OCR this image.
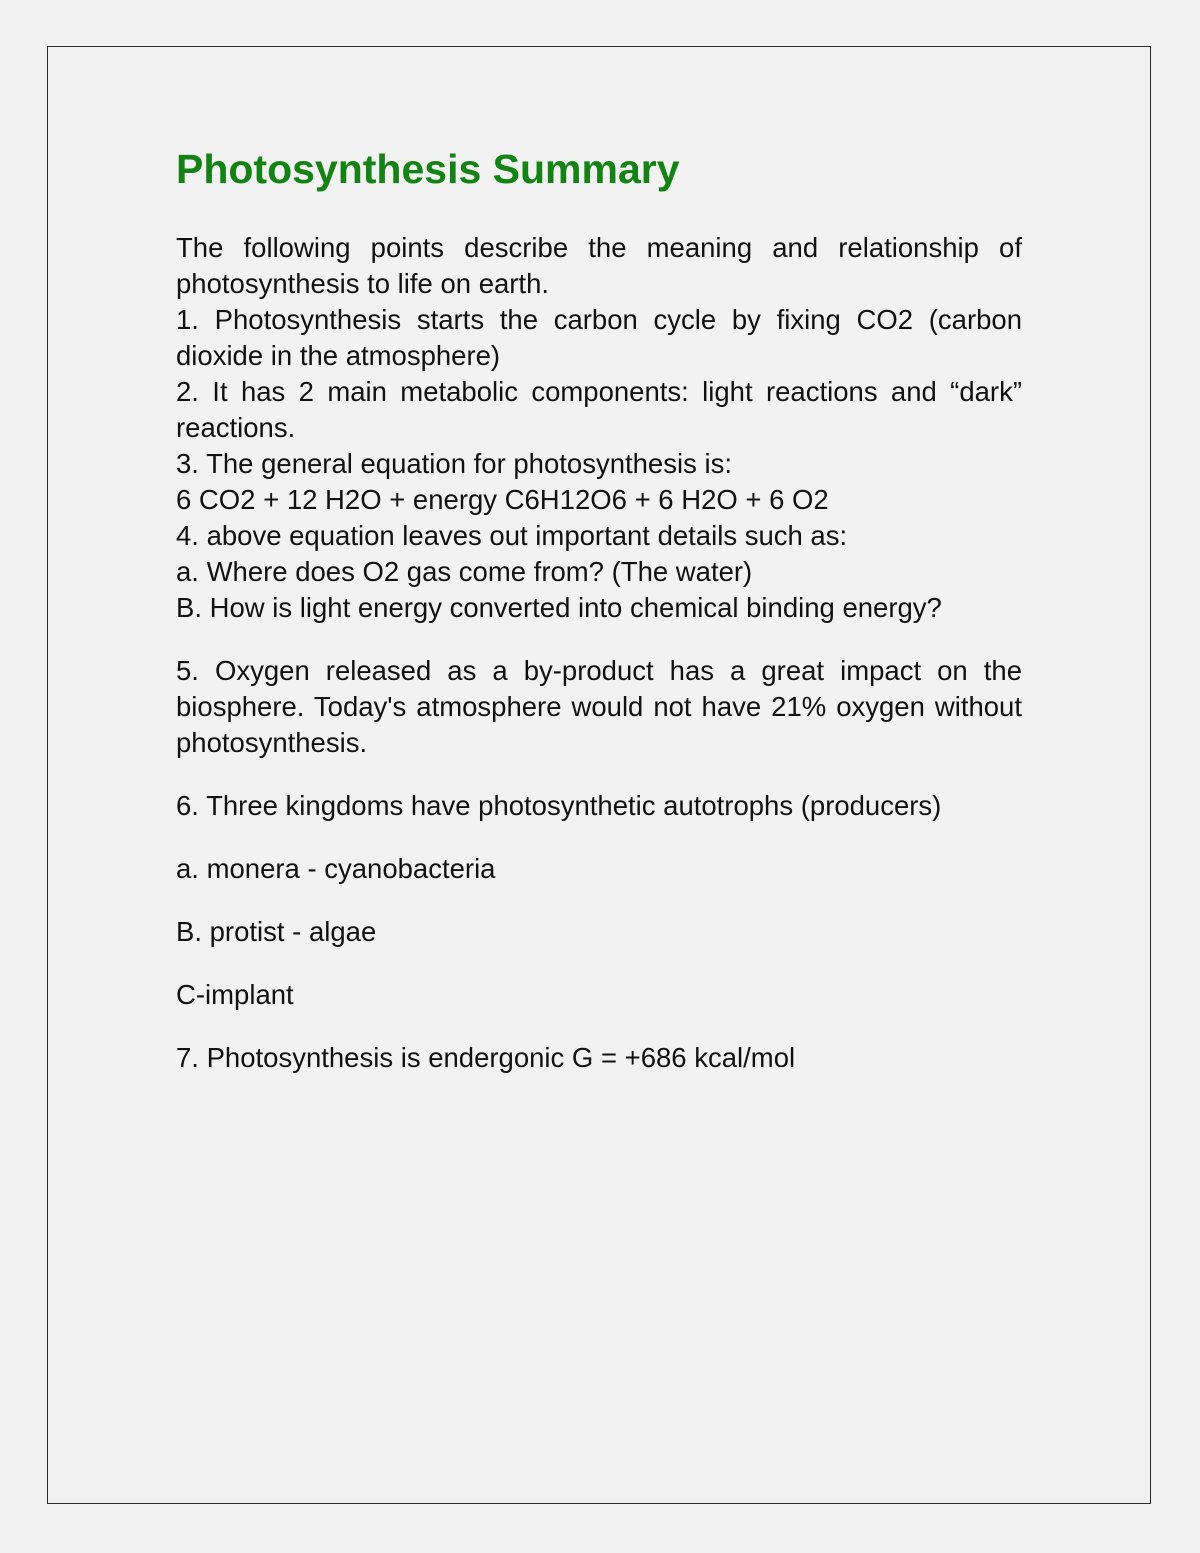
Photosynthesis Summary

The following points describe the meaning and relationship of photosynthesis to life on earth.

1. Photosynthesis starts the carbon cycle by fixing CO2 (carbon dioxide in the atmosphere)

2. It has 2 main metabolic components: light reactions and “dark” reactions.

3. The general equation for photosynthesis is:

6 CO2 + 12 H2O + energy C6H12O6 + 6 H2O + 6 O2

4. above equation leaves out important details such as:

a. Where does O2 gas come from? (The water)

B. How is light energy converted into chemical binding energy?

5. Oxygen released as a by-product has a great impact on the biosphere. Today's atmosphere would not have 21% oxygen without photosynthesis.

6. Three kingdoms have photosynthetic autotrophs (producers)

a. monera - cyanobacteria

B. protist - algae

C-implant

7. Photosynthesis is endergonic G = +686 kcal/mol
